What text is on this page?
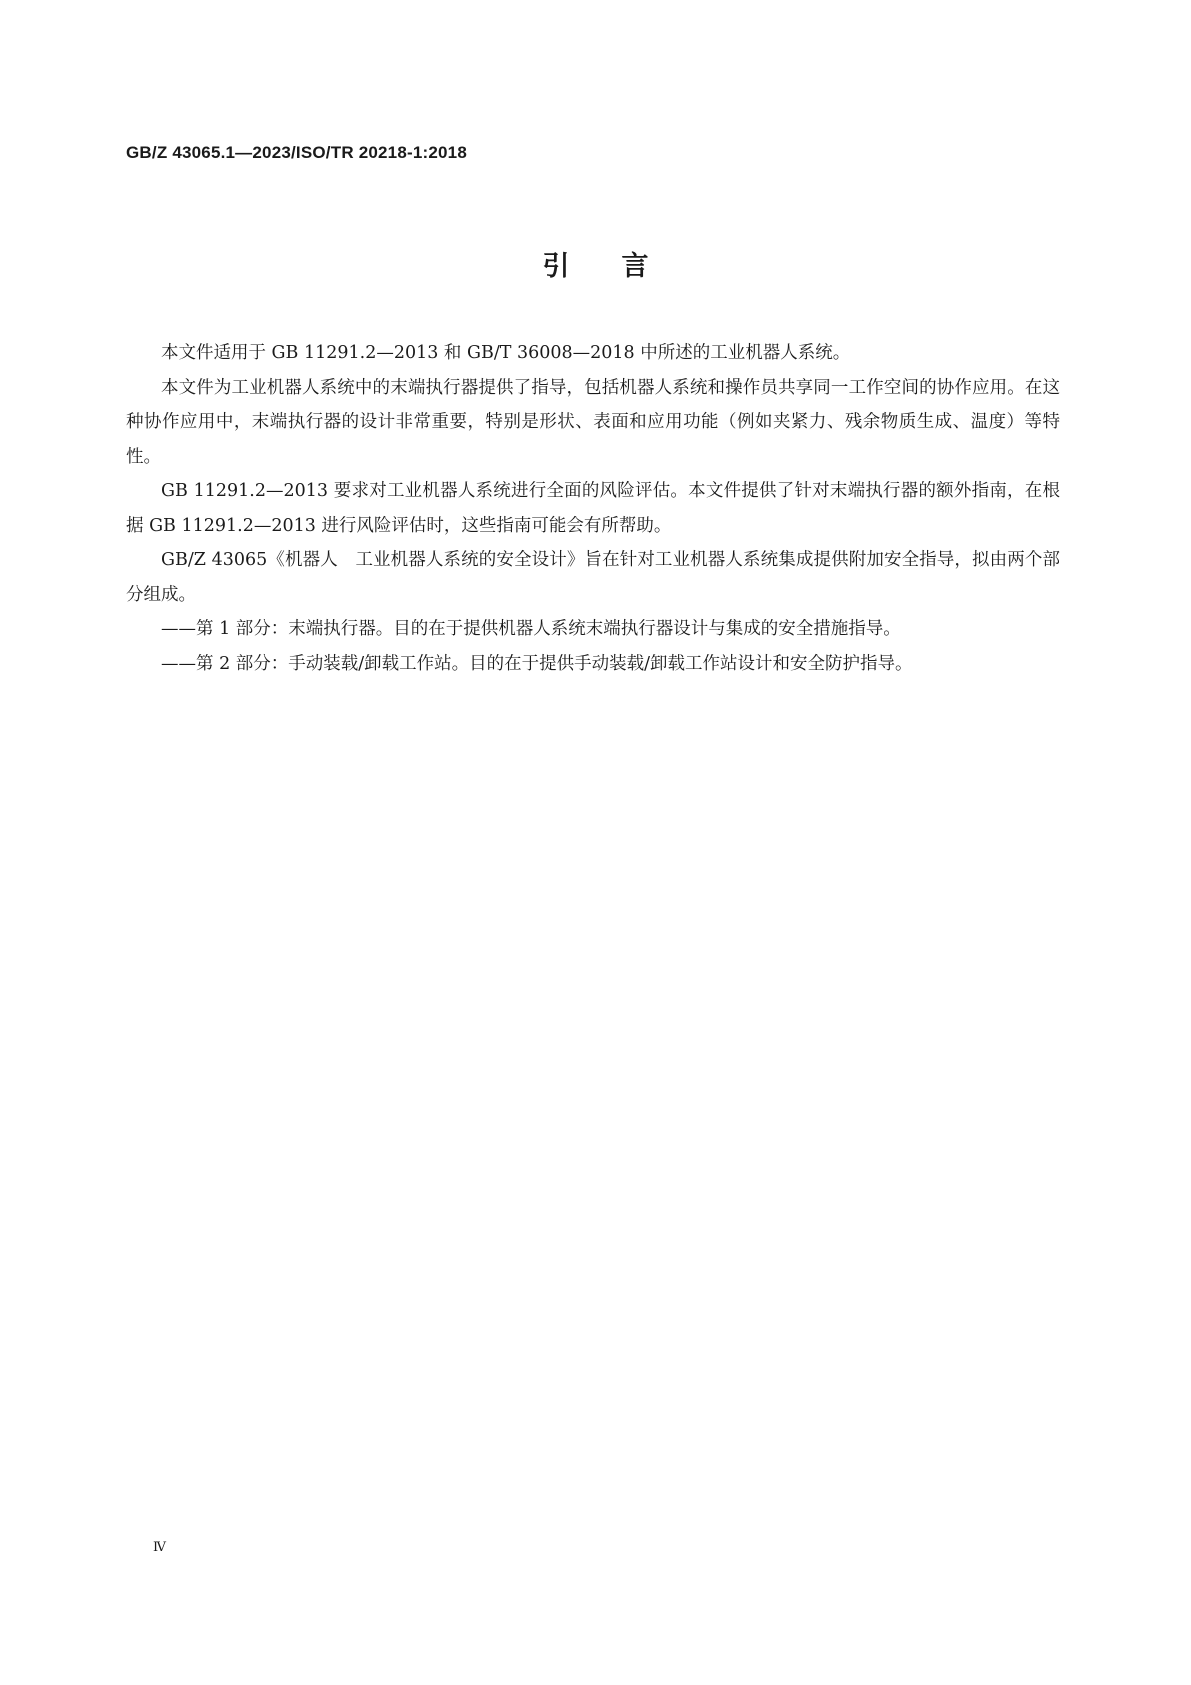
GB/Z 43065.1—2023/ISO/TR 20218-1:2018
引 言

本文件适用于 GB 11291.2—2013 和 GB/T 36008—2018 中所述的工业机器人系统。

本文件为工业机器人系统中的末端执行器提供了指导，包括机器人系统和操作员共享同一工作空间的协作应用。在这种协作应用中，末端执行器的设计非常重要，特别是形状、表面和应用功能（例如夹紧力、残余物质生成、温度）等特性。

GB 11291.2—2013 要求对工业机器人系统进行全面的风险评估。本文件提供了针对末端执行器的额外指南，在根据 GB 11291.2—2013 进行风险评估时，这些指南可能会有所帮助。

GB/Z 43065《机器人　工业机器人系统的安全设计》旨在针对工业机器人系统集成提供附加安全指导，拟由两个部分组成。

——第 1 部分：末端执行器。目的在于提供机器人系统末端执行器设计与集成的安全措施指导。

——第 2 部分：手动装载/卸载工作站。目的在于提供手动装载/卸载工作站设计和安全防护指导。

Ⅳ
